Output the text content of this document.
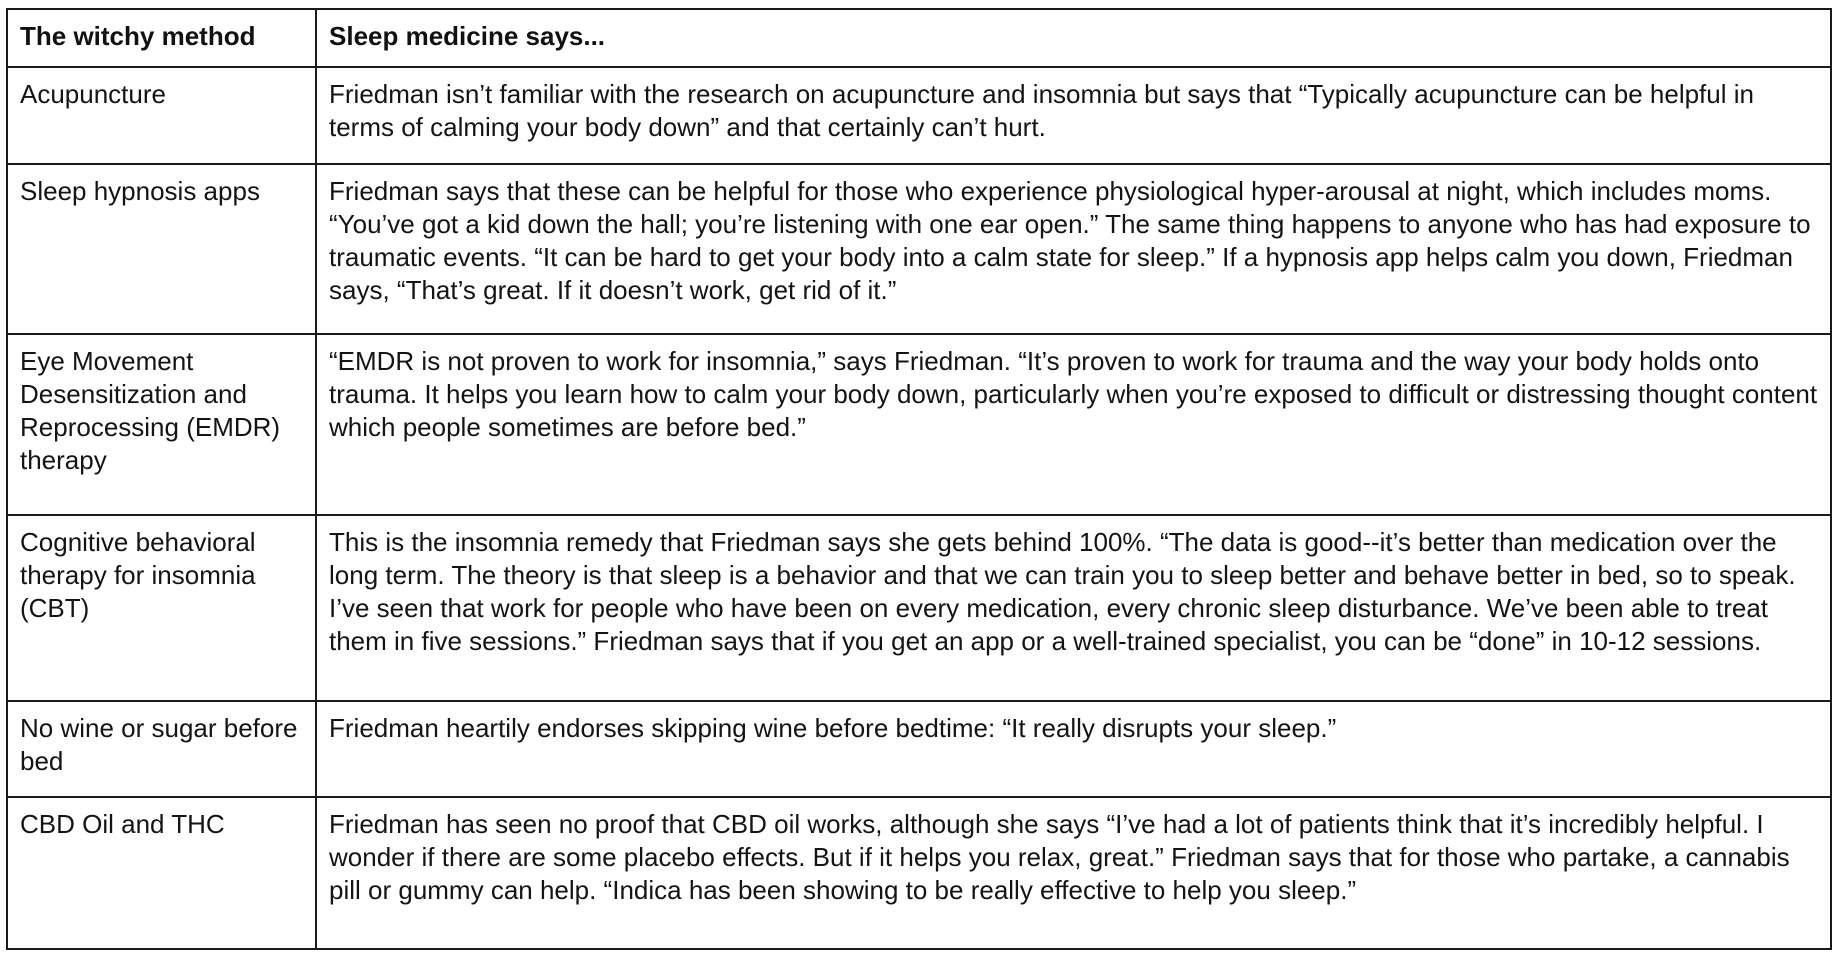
The witchy method	Sleep medicine says...
Acupuncture	Friedman isn’t familiar with the research on acupuncture and insomnia but says that “Typically acupuncture can be helpful in terms of calming your body down” and that certainly can’t hurt.
Sleep hypnosis apps	Friedman says that these can be helpful for those who experience physiological hyper-arousal at night, which includes moms. “You’ve got a kid down the hall; you’re listening with one ear open.” The same thing happens to anyone who has had exposure to traumatic events. “It can be hard to get your body into a calm state for sleep.” If a hypnosis app helps calm you down, Friedman says, “That’s great. If it doesn’t work, get rid of it.”
Eye Movement Desensitization and Reprocessing (EMDR) therapy	“EMDR is not proven to work for insomnia,” says Friedman. “It’s proven to work for trauma and the way your body holds onto trauma. It helps you learn how to calm your body down, particularly when you’re exposed to difficult or distressing thought content which people sometimes are before bed.”
Cognitive behavioral therapy for insomnia (CBT)	This is the insomnia remedy that Friedman says she gets behind 100%. “The data is good--it’s better than medication over the long term. The theory is that sleep is a behavior and that we can train you to sleep better and behave better in bed, so to speak. I’ve seen that work for people who have been on every medication, every chronic sleep disturbance. We’ve been able to treat them in five sessions.” Friedman says that if you get an app or a well-trained specialist, you can be “done” in 10-12 sessions.
No wine or sugar before bed	Friedman heartily endorses skipping wine before bedtime: “It really disrupts your sleep.”
CBD Oil and THC	Friedman has seen no proof that CBD oil works, although she says “I’ve had a lot of patients think that it’s incredibly helpful. I wonder if there are some placebo effects. But if it helps you relax, great.” Friedman says that for those who partake, a cannabis pill or gummy can help. “Indica has been showing to be really effective to help you sleep.”
